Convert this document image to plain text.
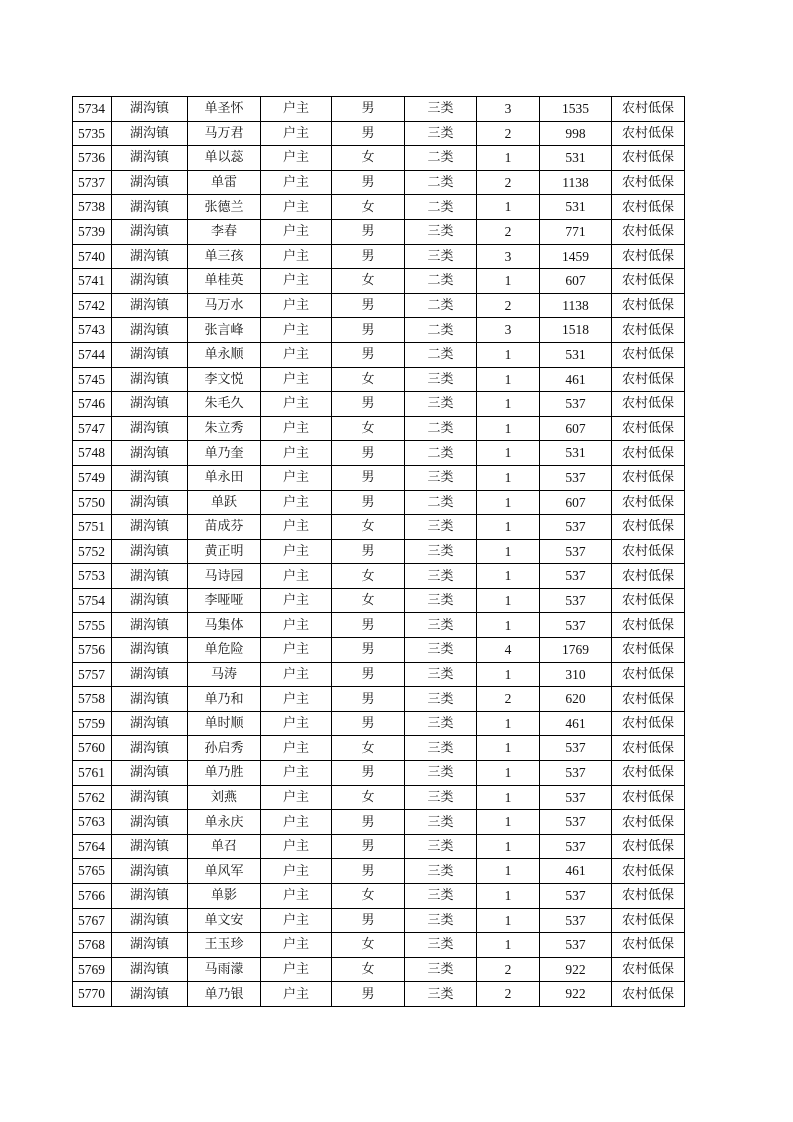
5734	湖沟镇	单圣怀	户主	男	三类	3	1535	农村低保
5735	湖沟镇	马万君	户主	男	三类	2	998	农村低保
5736	湖沟镇	单以蕊	户主	女	二类	1	531	农村低保
5737	湖沟镇	单雷	户主	男	二类	2	1138	农村低保
5738	湖沟镇	张德兰	户主	女	二类	1	531	农村低保
5739	湖沟镇	李春	户主	男	三类	2	771	农村低保
5740	湖沟镇	单三孩	户主	男	三类	3	1459	农村低保
5741	湖沟镇	单桂英	户主	女	二类	1	607	农村低保
5742	湖沟镇	马万水	户主	男	二类	2	1138	农村低保
5743	湖沟镇	张言峰	户主	男	二类	3	1518	农村低保
5744	湖沟镇	单永顺	户主	男	二类	1	531	农村低保
5745	湖沟镇	李文悦	户主	女	三类	1	461	农村低保
5746	湖沟镇	朱毛久	户主	男	三类	1	537	农村低保
5747	湖沟镇	朱立秀	户主	女	二类	1	607	农村低保
5748	湖沟镇	单乃奎	户主	男	二类	1	531	农村低保
5749	湖沟镇	单永田	户主	男	三类	1	537	农村低保
5750	湖沟镇	单跃	户主	男	二类	1	607	农村低保
5751	湖沟镇	苗成芬	户主	女	三类	1	537	农村低保
5752	湖沟镇	黄正明	户主	男	三类	1	537	农村低保
5753	湖沟镇	马诗园	户主	女	三类	1	537	农村低保
5754	湖沟镇	李哑哑	户主	女	三类	1	537	农村低保
5755	湖沟镇	马集体	户主	男	三类	1	537	农村低保
5756	湖沟镇	单危险	户主	男	三类	4	1769	农村低保
5757	湖沟镇	马涛	户主	男	三类	1	310	农村低保
5758	湖沟镇	单乃和	户主	男	三类	2	620	农村低保
5759	湖沟镇	单时顺	户主	男	三类	1	461	农村低保
5760	湖沟镇	孙启秀	户主	女	三类	1	537	农村低保
5761	湖沟镇	单乃胜	户主	男	三类	1	537	农村低保
5762	湖沟镇	刘燕	户主	女	三类	1	537	农村低保
5763	湖沟镇	单永庆	户主	男	三类	1	537	农村低保
5764	湖沟镇	单召	户主	男	三类	1	537	农村低保
5765	湖沟镇	单风军	户主	男	三类	1	461	农村低保
5766	湖沟镇	单影	户主	女	三类	1	537	农村低保
5767	湖沟镇	单文安	户主	男	三类	1	537	农村低保
5768	湖沟镇	王玉珍	户主	女	三类	1	537	农村低保
5769	湖沟镇	马雨濛	户主	女	三类	2	922	农村低保
5770	湖沟镇	单乃银	户主	男	三类	2	922	农村低保
